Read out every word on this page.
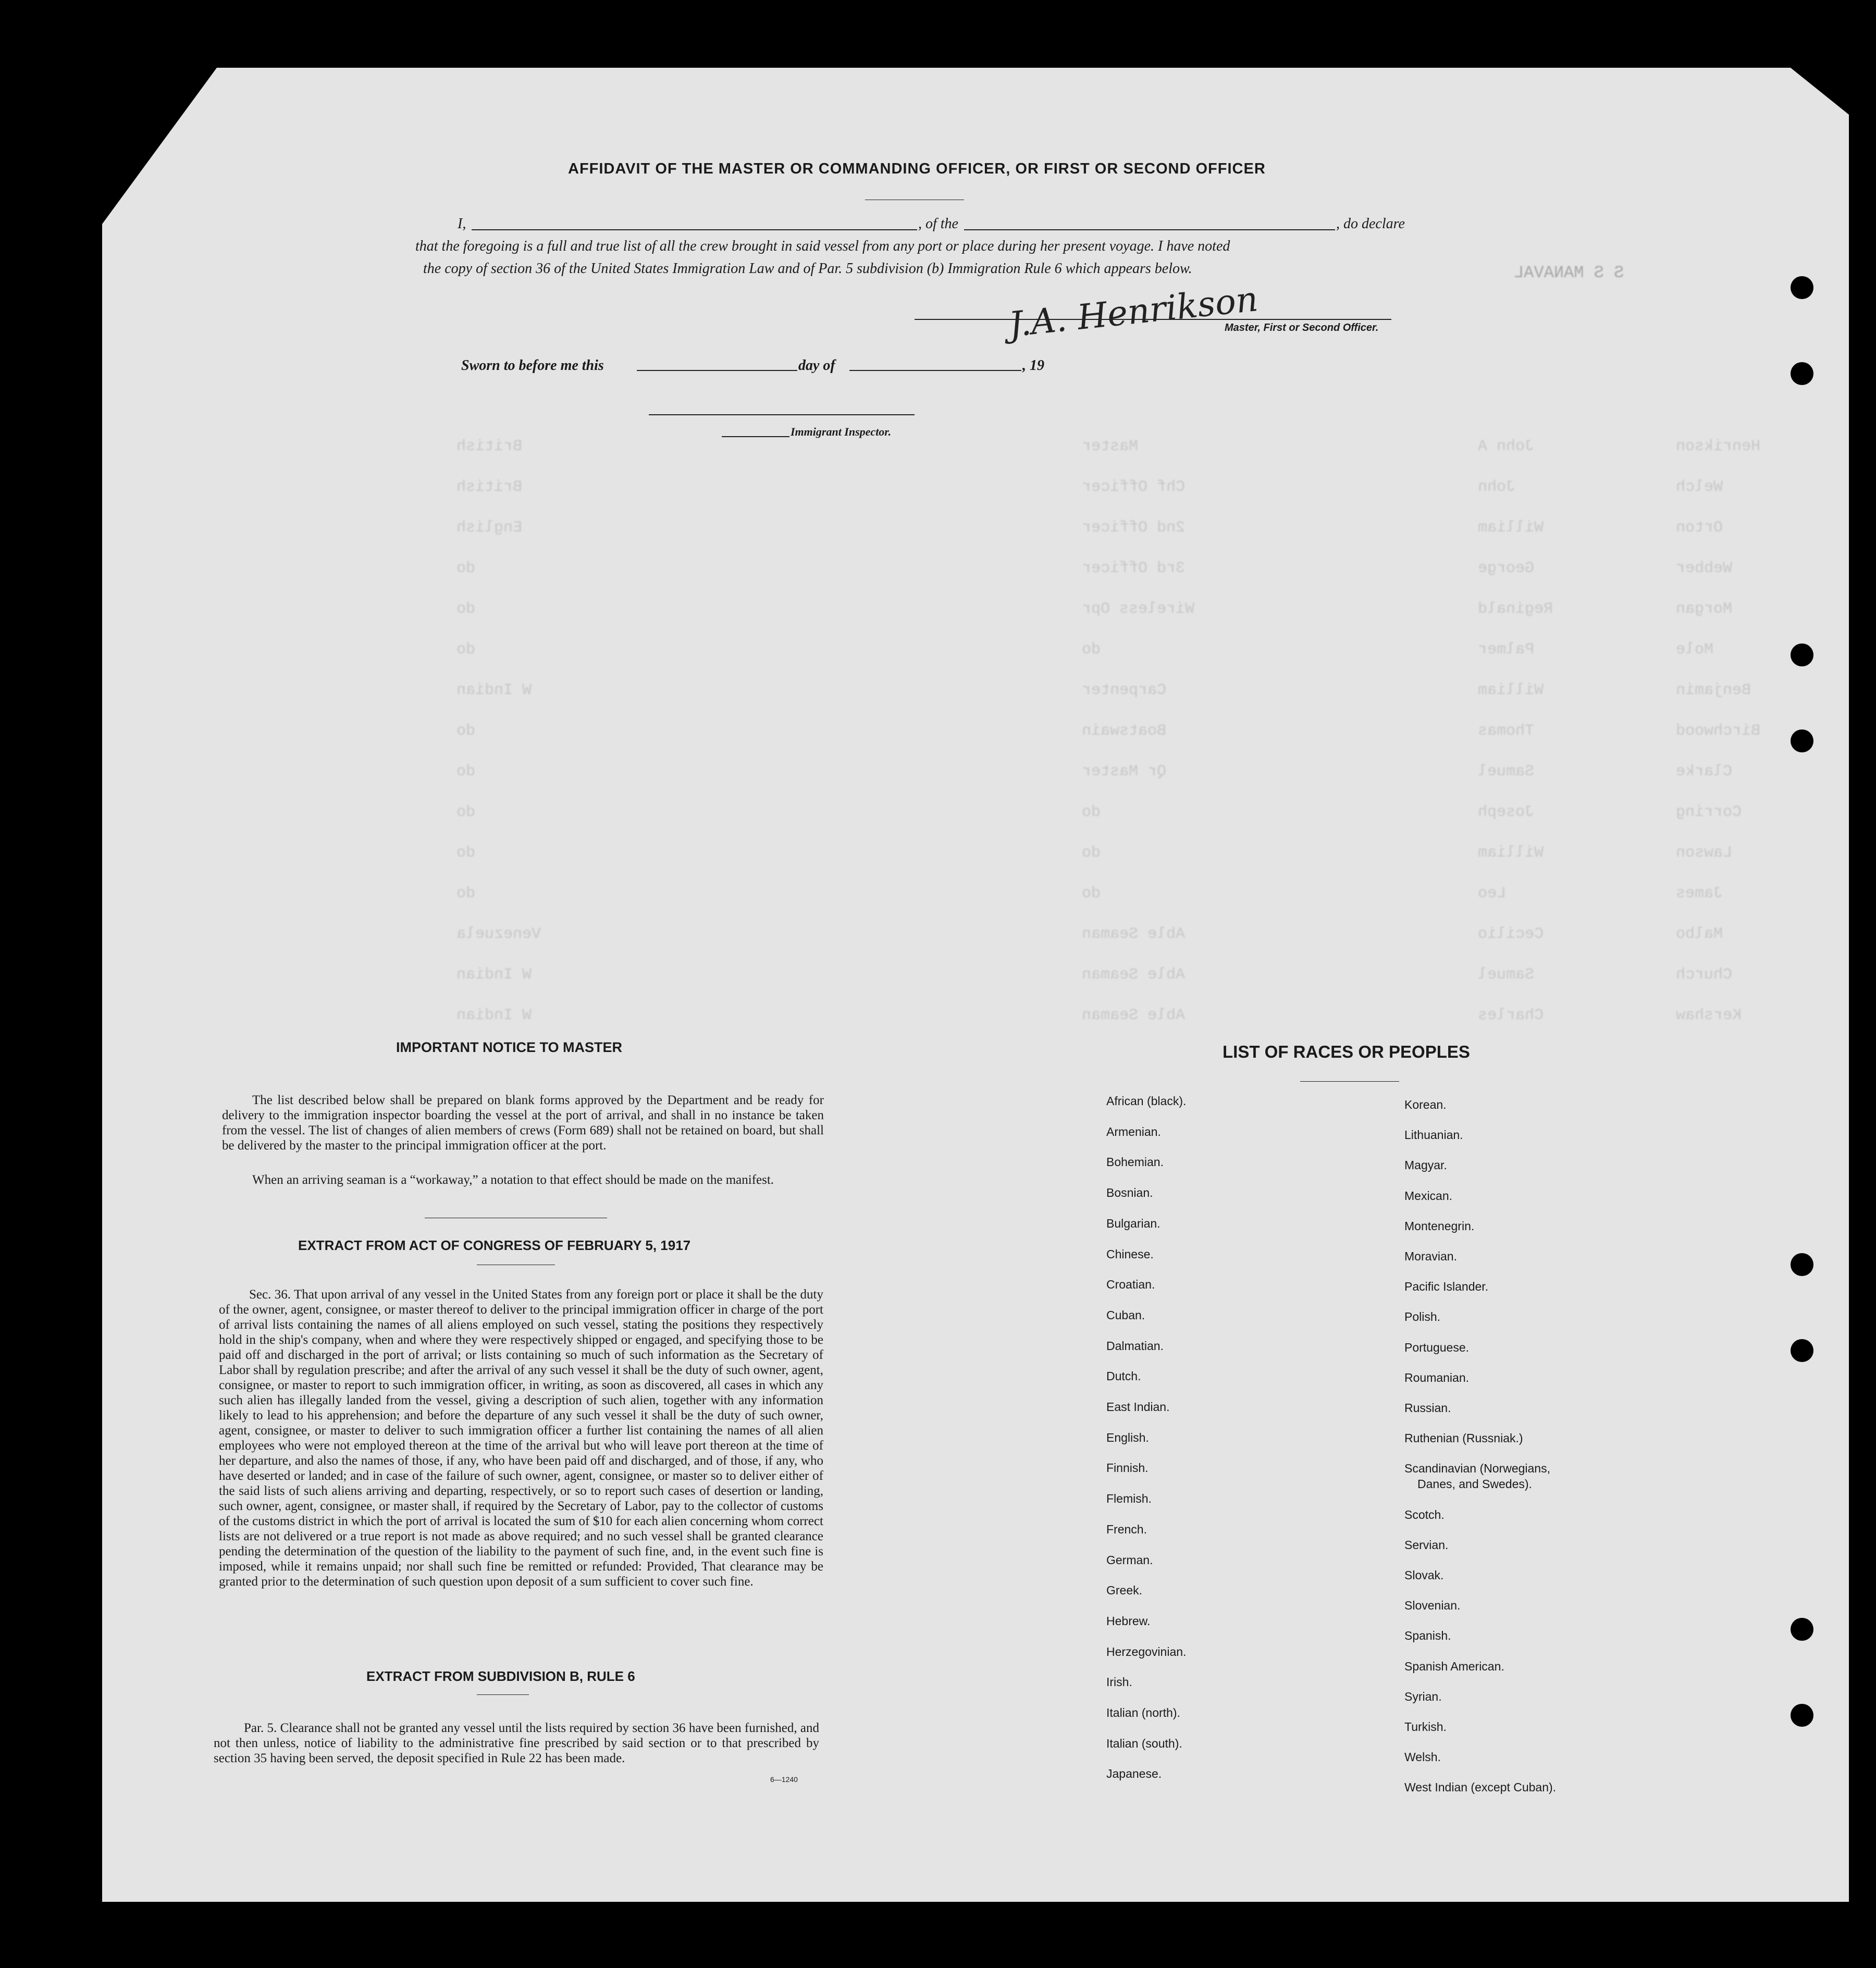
S S MANAVAL
AFFIDAVIT OF THE MASTER OR COMMANDING OFFICER, OR FIRST OR SECOND OFFICER
I,	, of the	, do declare
that the foregoing is a full and true list of all the crew brought in said vessel from any port or place during her present voyage. I have noted
the copy of section 36 of the United States Immigration Law and of Par. 5 subdivision (b) Immigration Rule 6 which appears below.
J.A. Henrikson
Master, First or Second Officer.
Sworn to before me this	day of	, 19
Immigrant Inspector.
IMPORTANT NOTICE TO MASTER
The list described below shall be prepared on blank forms approved by the Department and be ready for delivery to the immigration inspector boarding the vessel at the port of arrival, and shall in no instance be taken from the vessel. The list of changes of alien members of crews (Form 689) shall not be retained on board, but shall be delivered by the master to the principal immigration officer at the port.
When an arriving seaman is a “workaway,” a notation to that effect should be made on the manifest.
EXTRACT FROM ACT OF CONGRESS OF FEBRUARY 5, 1917
Sec. 36. That upon arrival of any vessel in the United States from any foreign port or place it shall be the duty of the owner, agent, consignee, or master thereof to deliver to the principal immigration officer in charge of the port of arrival lists containing the names of all aliens employed on such vessel, stating the positions they respectively hold in the ship's company, when and where they were respectively shipped or engaged, and specifying those to be paid off and discharged in the port of arrival; or lists containing so much of such information as the Secretary of Labor shall by regulation prescribe; and after the arrival of any such vessel it shall be the duty of such owner, agent, consignee, or master to report to such immigration officer, in writing, as soon as discovered, all cases in which any such alien has illegally landed from the vessel, giving a description of such alien, together with any information likely to lead to his apprehension; and before the departure of any such vessel it shall be the duty of such owner, agent, consignee, or master to deliver to such immigration officer a further list containing the names of all alien employees who were not employed thereon at the time of the arrival but who will leave port thereon at the time of her departure, and also the names of those, if any, who have been paid off and discharged, and of those, if any, who have deserted or landed; and in case of the failure of such owner, agent, consignee, or master so to deliver either of the said lists of such aliens arriving and departing, respectively, or so to report such cases of desertion or landing, such owner, agent, consignee, or master shall, if required by the Secretary of Labor, pay to the collector of customs of the customs district in which the port of arrival is located the sum of $10 for each alien concerning whom correct lists are not delivered or a true report is not made as above required; and no such vessel shall be granted clearance pending the determination of the question of the liability to the payment of such fine, and, in the event such fine is imposed, while it remains unpaid; nor shall such fine be remitted or refunded: Provided, That clearance may be granted prior to the determination of such question upon deposit of a sum sufficient to cover such fine.
EXTRACT FROM SUBDIVISION B, RULE 6
Par. 5. Clearance shall not be granted any vessel until the lists required by section 36 have been furnished, and not then unless, notice of liability to the administrative fine prescribed by said section or to that prescribed by section 35 having been served, the deposit specified in Rule 22 has been made.
6—1240
LIST OF RACES OR PEOPLES
African (black).
Armenian.
Bohemian.
Bosnian.
Bulgarian.
Chinese.
Croatian.
Cuban.
Dalmatian.
Dutch.
East Indian.
English.
Finnish.
Flemish.
French.
German.
Greek.
Hebrew.
Herzegovinian.
Irish.
Italian (north).
Italian (south).
Japanese.
Korean.
Lithuanian.
Magyar.
Mexican.
Montenegrin.
Moravian.
Pacific Islander.
Polish.
Portuguese.
Roumanian.
Russian.
Ruthenian (Russniak.)
Scandinavian (Norwegians,
Danes, and Swedes).
Scotch.
Servian.
Slovak.
Slovenian.
Spanish.
Spanish American.
Syrian.
Turkish.
Welsh.
West Indian (except Cuban).
